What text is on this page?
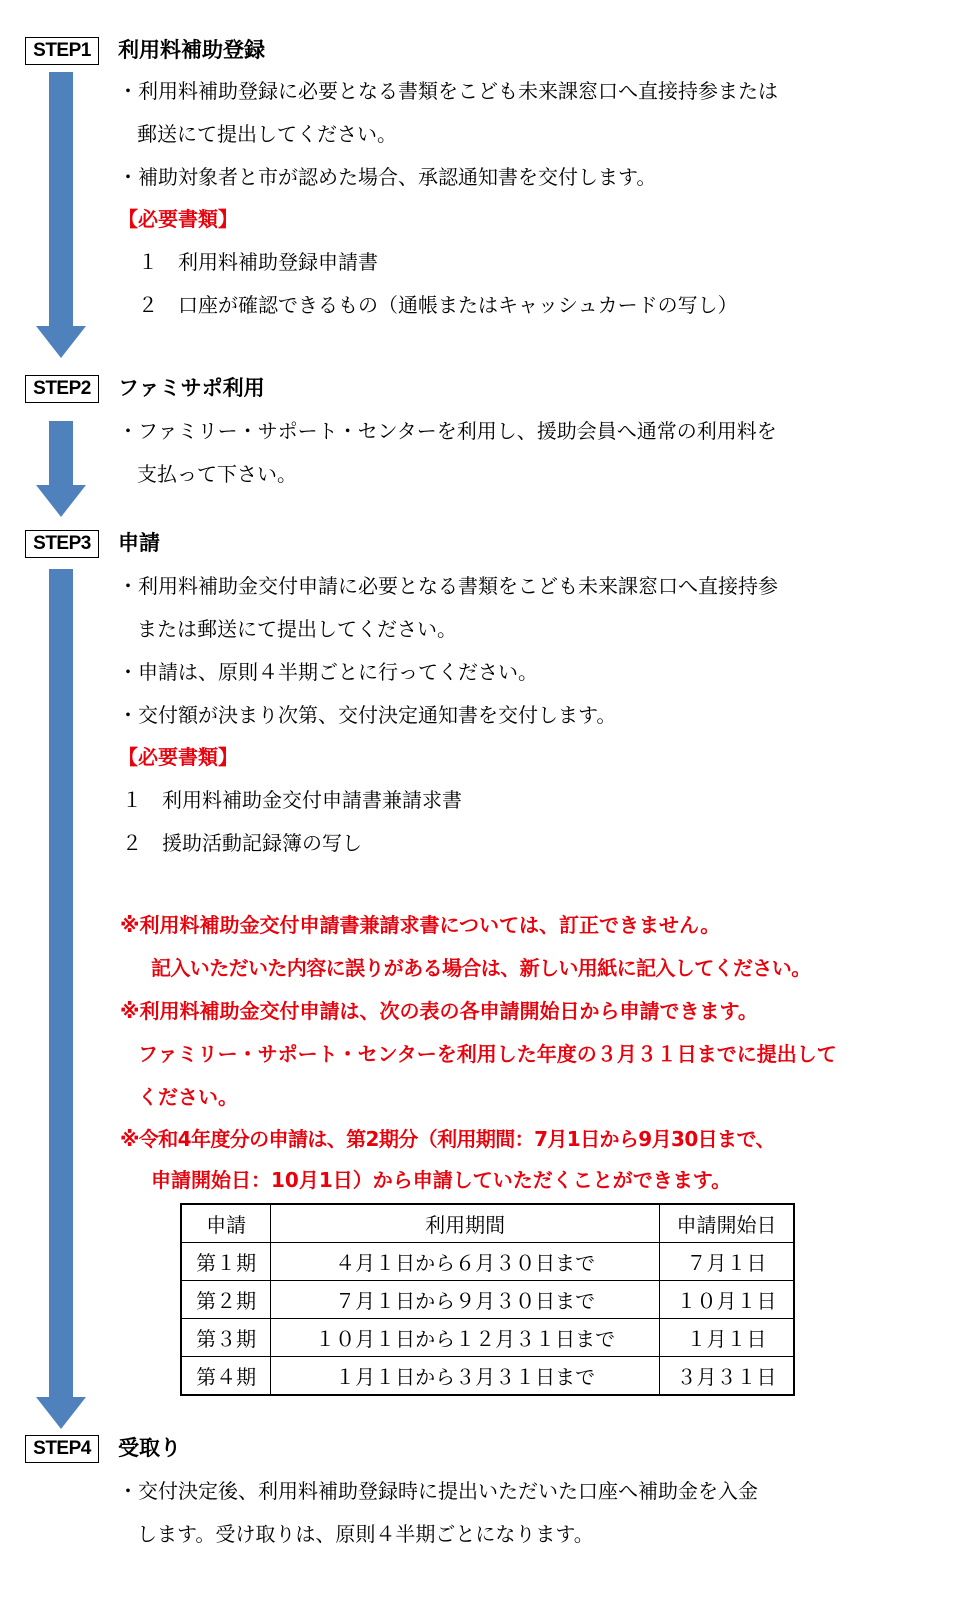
STEP1	利用料補助登録
・利用料補助登録に必要となる書類をこども未来課窓口へ直接持参または
郵送にて提出してください。
・補助対象者と市が認めた場合、承認通知書を交付します。
【必要書類】
１　利用料補助登録申請書
２　口座が確認できるもの（通帳またはキャッシュカードの写し）
STEP2	ファミサポ利用
・ファミリー・サポート・センターを利用し、援助会員へ通常の利用料を
支払って下さい。
STEP3	申請
・利用料補助金交付申請に必要となる書類をこども未来課窓口へ直接持参
または郵送にて提出してください。
・申請は、原則４半期ごとに行ってください。
・交付額が決まり次第、交付決定通知書を交付します。
【必要書類】
１　利用料補助金交付申請書兼請求書
２　援助活動記録簿の写し
※利用料補助金交付申請書兼請求書については、訂正できません。
記入いただいた内容に誤りがある場合は、新しい用紙に記入してください。
※利用料補助金交付申請は、次の表の各申請開始日から申請できます。
ファミリー・サポート・センターを利用した年度の３月３１日までに提出して
ください。
※令和4年度分の申請は、第2期分（利用期間：7月1日から9月30日まで、
申請開始日：10月1日）から申請していただくことができます。
申請	利用期間	申請開始日
第１期	４月１日から６月３０日まで	７月１日
第２期	７月１日から９月３０日まで	１０月１日
第３期	１０月１日から１２月３１日まで	１月１日
第４期	１月１日から３月３１日まで	３月３１日
STEP4	受取り
・交付決定後、利用料補助登録時に提出いただいた口座へ補助金を入金
します。受け取りは、原則４半期ごとになります。
